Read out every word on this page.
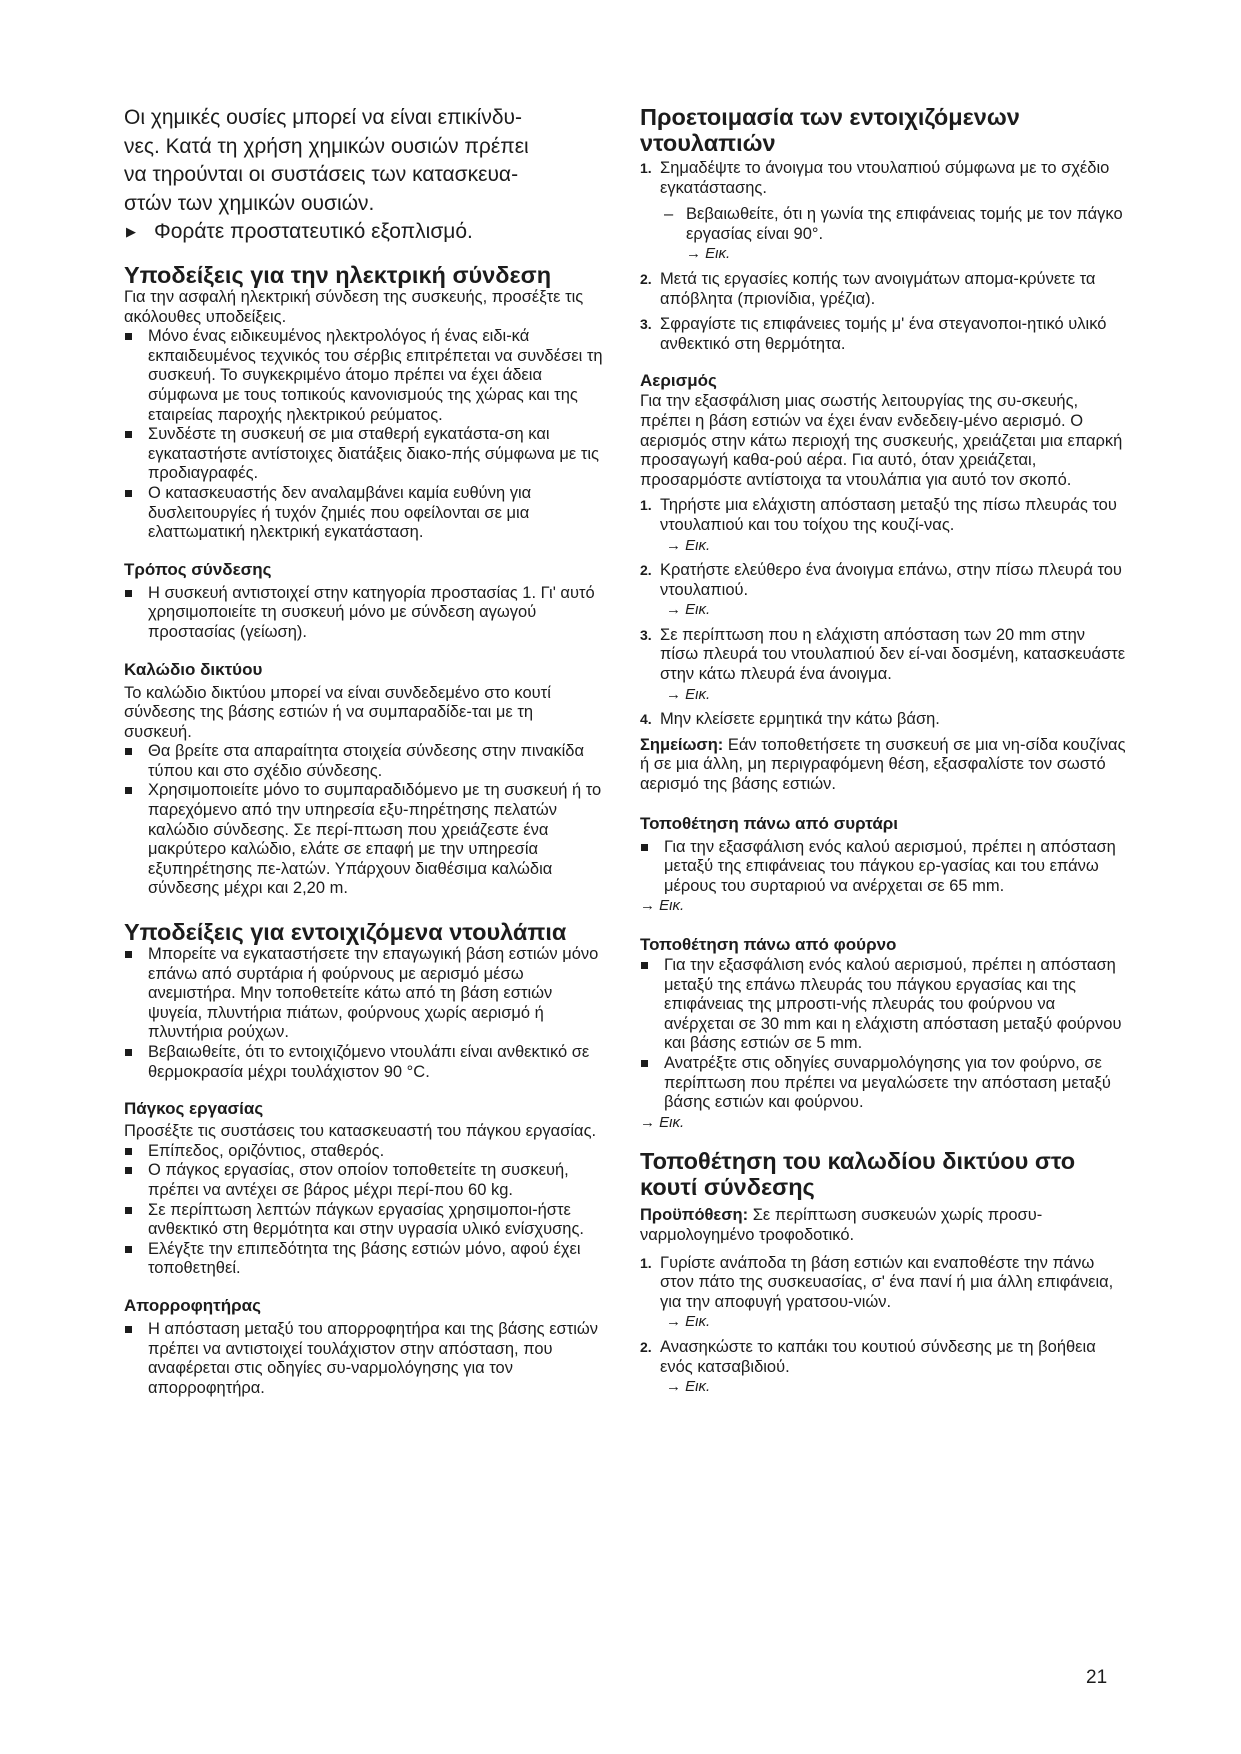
Οι χημικές ουσίες μπορεί να είναι επικίνδυ-

νες. Κατά τη χρήση χημικών ουσιών πρέπει

να τηρούνται οι συστάσεις των κατασκευα-

στών των χημικών ουσιών.

▶ Φοράτε προστατευτικό εξοπλισμό.

Υποδείξεις για την ηλεκτρική σύνδεση

Για την ασφαλή ηλεκτρική σύνδεση της συσκευής, προσέξτε τις ακόλουθες υποδείξεις.

Μόνο ένας ειδικευμένος ηλεκτρολόγος ή ένας ειδι-κά εκπαιδευμένος τεχνικός του σέρβις επιτρέπεται να συνδέσει τη συσκευή. Το συγκεκριμένο άτομο πρέπει να έχει άδεια σύμφωνα με τους τοπικούς κανονισμούς της χώρας και της εταιρείας παροχής ηλεκτρικού ρεύματος.
Συνδέστε τη συσκευή σε μια σταθερή εγκατάστα-ση και εγκαταστήστε αντίστοιχες διατάξεις διακο-πής σύμφωνα με τις προδιαγραφές.
Ο κατασκευαστής δεν αναλαμβάνει καμία ευθύνη για δυσλειτουργίες ή τυχόν ζημιές που οφείλονται σε μια ελαττωματική ηλεκτρική εγκατάσταση.
Τρόπος σύνδεσης
Η συσκευή αντιστοιχεί στην κατηγορία προστασίας 1. Γι' αυτό χρησιμοποιείτε τη συσκευή μόνο με σύνδεση αγωγού προστασίας (γείωση).
Καλώδιο δικτύου

Το καλώδιο δικτύου μπορεί να είναι συνδεδεμένο στο κουτί σύνδεσης της βάσης εστιών ή να συμπαραδίδε-ται με τη συσκευή.

Θα βρείτε στα απαραίτητα στοιχεία σύνδεσης στην πινακίδα τύπου και στο σχέδιο σύνδεσης.
Χρησιμοποιείτε μόνο το συμπαραδιδόμενο με τη συσκευή ή το παρεχόμενο από την υπηρεσία εξυ-πηρέτησης πελατών καλώδιο σύνδεσης. Σε περί-πτωση που χρειάζεστε ένα μακρύτερο καλώδιο, ελάτε σε επαφή με την υπηρεσία εξυπηρέτησης πε-λατών. Υπάρχουν διαθέσιμα καλώδια σύνδεσης μέχρι και 2,20 m.
Υποδείξεις για εντοιχιζόμενα ντουλάπια
Μπορείτε να εγκαταστήσετε την επαγωγική βάση εστιών μόνο επάνω από συρτάρια ή φούρνους με αερισμό μέσω ανεμιστήρα. Μην τοποθετείτε κάτω από τη βάση εστιών ψυγεία, πλυντήρια πιάτων, φούρνους χωρίς αερισμό ή πλυντήρια ρούχων.
Βεβαιωθείτε, ότι το εντοιχιζόμενο ντουλάπι είναι ανθεκτικό σε θερμοκρασία μέχρι τουλάχιστον 90 °C.
Πάγκος εργασίας

Προσέξτε τις συστάσεις του κατασκευαστή του πάγκου εργασίας.

Επίπεδος, οριζόντιος, σταθερός.
Ο πάγκος εργασίας, στον οποίον τοποθετείτε τη συσκευή, πρέπει να αντέχει σε βάρος μέχρι περί-που 60 kg.
Σε περίπτωση λεπτών πάγκων εργασίας χρησιμοποι-ήστε ανθεκτικό στη θερμότητα και στην υγρασία υλικό ενίσχυσης.
Ελέγξτε την επιπεδότητα της βάσης εστιών μόνο, αφού έχει τοποθετηθεί.
Απορροφητήρας
Η απόσταση μεταξύ του απορροφητήρα και της βάσης εστιών πρέπει να αντιστοιχεί τουλάχιστον στην απόσταση, που αναφέρεται στις οδηγίες συ-ναρμολόγησης για τον απορροφητήρα.
Προετοιμασία των εντοιχιζόμενων ντουλαπιών
1. Σημαδέψτε το άνοιγμα του ντουλαπιού σύμφωνα με το σχέδιο εγκατάστασης.
– Βεβαιωθείτε, ότι η γωνία της επιφάνειας τομής με τον πάγκο εργασίας είναι 90°.
→ Εικ.
2. Μετά τις εργασίες κοπής των ανοιγμάτων απομα-κρύνετε τα απόβλητα (πριονίδια, γρέζια).
3. Σφραγίστε τις επιφάνειες τομής μ' ένα στεγανοποι-ητικό υλικό ανθεκτικό στη θερμότητα.
Αερισμός

Για την εξασφάλιση μιας σωστής λειτουργίας της συ-σκευής, πρέπει η βάση εστιών να έχει έναν ενδεδειγ-μένο αερισμό. Ο αερισμός στην κάτω περιοχή της συσκευής, χρειάζεται μια επαρκή προσαγωγή καθα-ρού αέρα. Για αυτό, όταν χρειάζεται, προσαρμόστε αντίστοιχα τα ντουλάπια για αυτό τον σκοπό.

1. Τηρήστε μια ελάχιστη απόσταση μεταξύ της πίσω πλευράς του ντουλαπιού και του τοίχου της κουζί-νας.
→ Εικ.
2. Κρατήστε ελεύθερο ένα άνοιγμα επάνω, στην πίσω πλευρά του ντουλαπιού.
→ Εικ.
3. Σε περίπτωση που η ελάχιστη απόσταση των 20 mm στην πίσω πλευρά του ντουλαπιού δεν εί-ναι δοσμένη, κατασκευάστε στην κάτω πλευρά ένα άνοιγμα.
→ Εικ.
4. Μην κλείσετε ερμητικά την κάτω βάση.

Σημείωση: Εάν τοποθετήσετε τη συσκευή σε μια νη-σίδα κουζίνας ή σε μια άλλη, μη περιγραφόμενη θέση, εξασφαλίστε τον σωστό αερισμό της βάσης εστιών.

Τοποθέτηση πάνω από συρτάρι
Για την εξασφάλιση ενός καλού αερισμού, πρέπει η απόσταση μεταξύ της επιφάνειας του πάγκου ερ-γασίας και του επάνω μέρους του συρταριού να ανέρχεται σε 65 mm.
→ Εικ.
Τοποθέτηση πάνω από φούρνο
Για την εξασφάλιση ενός καλού αερισμού, πρέπει η απόσταση μεταξύ της επάνω πλευράς του πάγκου εργασίας και της επιφάνειας της μπροστι-νής πλευράς του φούρνου να ανέρχεται σε 30 mm και η ελάχιστη απόσταση μεταξύ φούρνου και βάσης εστιών σε 5 mm.
Ανατρέξτε στις οδηγίες συναρμολόγησης για τον φούρνο, σε περίπτωση που πρέπει να μεγαλώσετε την απόσταση μεταξύ βάσης εστιών και φούρνου.
→ Εικ.
Τοποθέτηση του καλωδίου δικτύου στο κουτί σύνδεσης

Προϋπόθεση: Σε περίπτωση συσκευών χωρίς προσυ-ναρμολογημένο τροφοδοτικό.

1. Γυρίστε ανάποδα τη βάση εστιών και εναποθέστε την πάνω στον πάτο της συσκευασίας, σ' ένα πανί ή μια άλλη επιφάνεια, για την αποφυγή γρατσου-νιών.
→ Εικ.
2. Ανασηκώστε το καπάκι του κουτιού σύνδεσης με τη βοήθεια ενός κατσαβιδιού.
→ Εικ.
21
